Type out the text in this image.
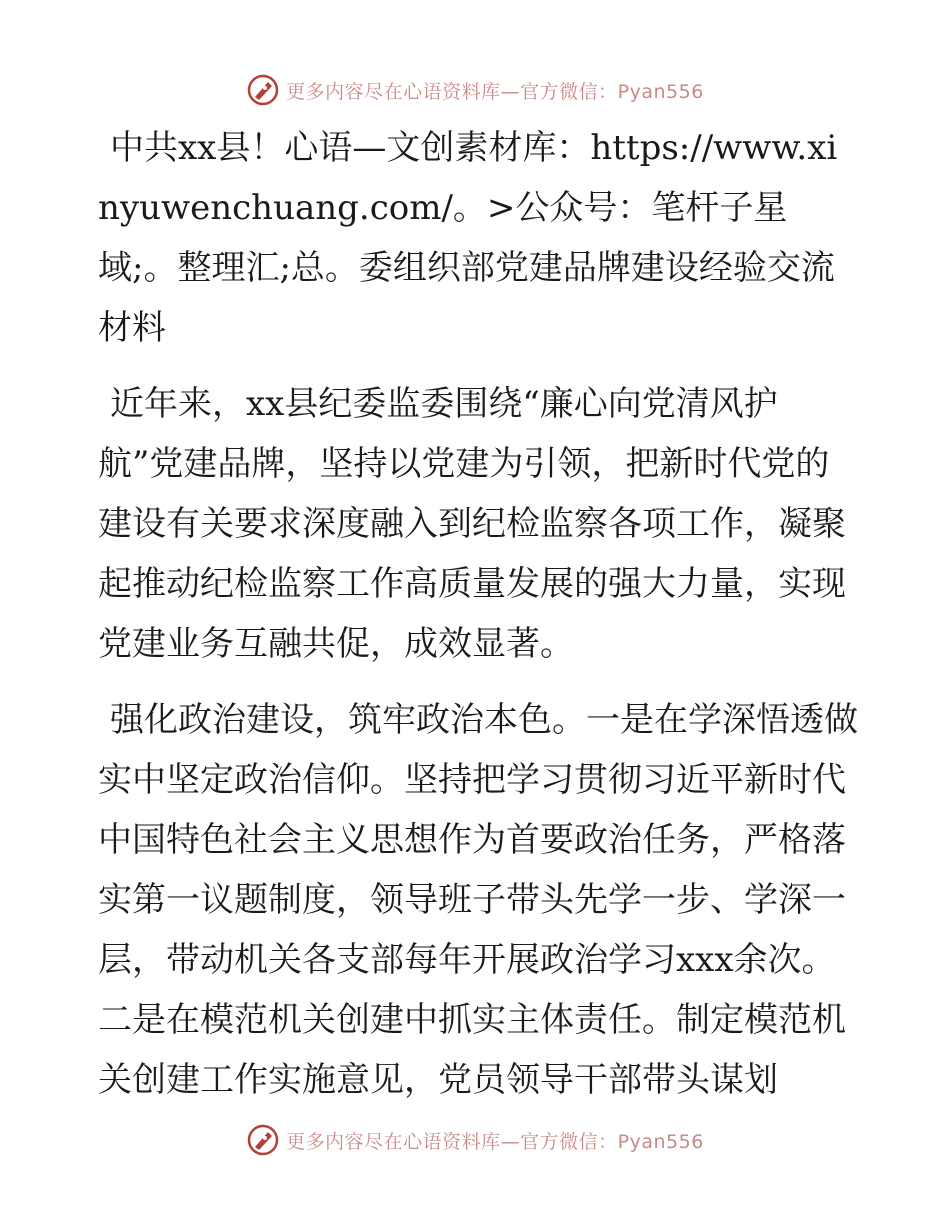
更多内容尽在心语资料库—官方微信：Pyan556

中共xx县！心语—文创素材库：https://www.xinyuwenchuang.com/。>公众号：笔杆子星域;。整理汇;总。委组织部党建品牌建设经验交流材料

近年来，xx县纪委监委围绕“廉心向党清风护航”党建品牌，坚持以党建为引领，把新时代党的建设有关要求深度融入到纪检监察各项工作，凝聚起推动纪检监察工作高质量发展的强大力量，实现党建业务互融共促，成效显著。

强化政治建设，筑牢政治本色。一是在学深悟透做实中坚定政治信仰。坚持把学习贯彻习近平新时代中国特色社会主义思想作为首要政治任务，严格落实第一议题制度，领导班子带头先学一步、学深一层，带动机关各支部每年开展政治学习xxx余次。二是在模范机关创建中抓实主体责任。制定模范机关创建工作实施意见，党员领导干部带头谋划

更多内容尽在心语资料库—官方微信：Pyan556
